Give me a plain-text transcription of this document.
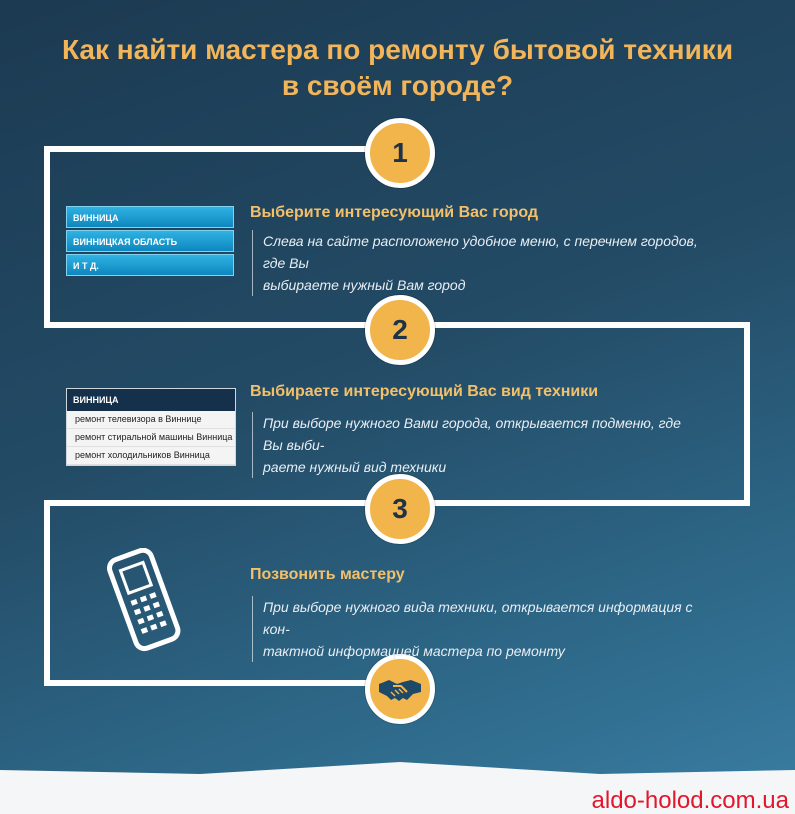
Как найти мастера по ремонту бытовой техники
в своём городе?
1
2
3
ВИННИЦА
ВИННИЦКАЯ ОБЛАСТЬ
И Т Д.
Выберите интересующий Вас город
Слева на сайте расположено удобное меню, с перечнем городов, где Вы
выбираете нужный Вам город
ВИННИЦА
ремонт телевизора в Виннице
ремонт стиральной машины Винница
ремонт холодильников Винница
Выбираете интересующий Вас вид техники
При выборе нужного Вами города, открывается подменю, где Вы выби-
раете нужный вид техники
Позвонить мастеру
При выборе нужного вида техники, открывается информация с кон-
тактной информацией мастера по ремонту
aldo-holod.com.ua
